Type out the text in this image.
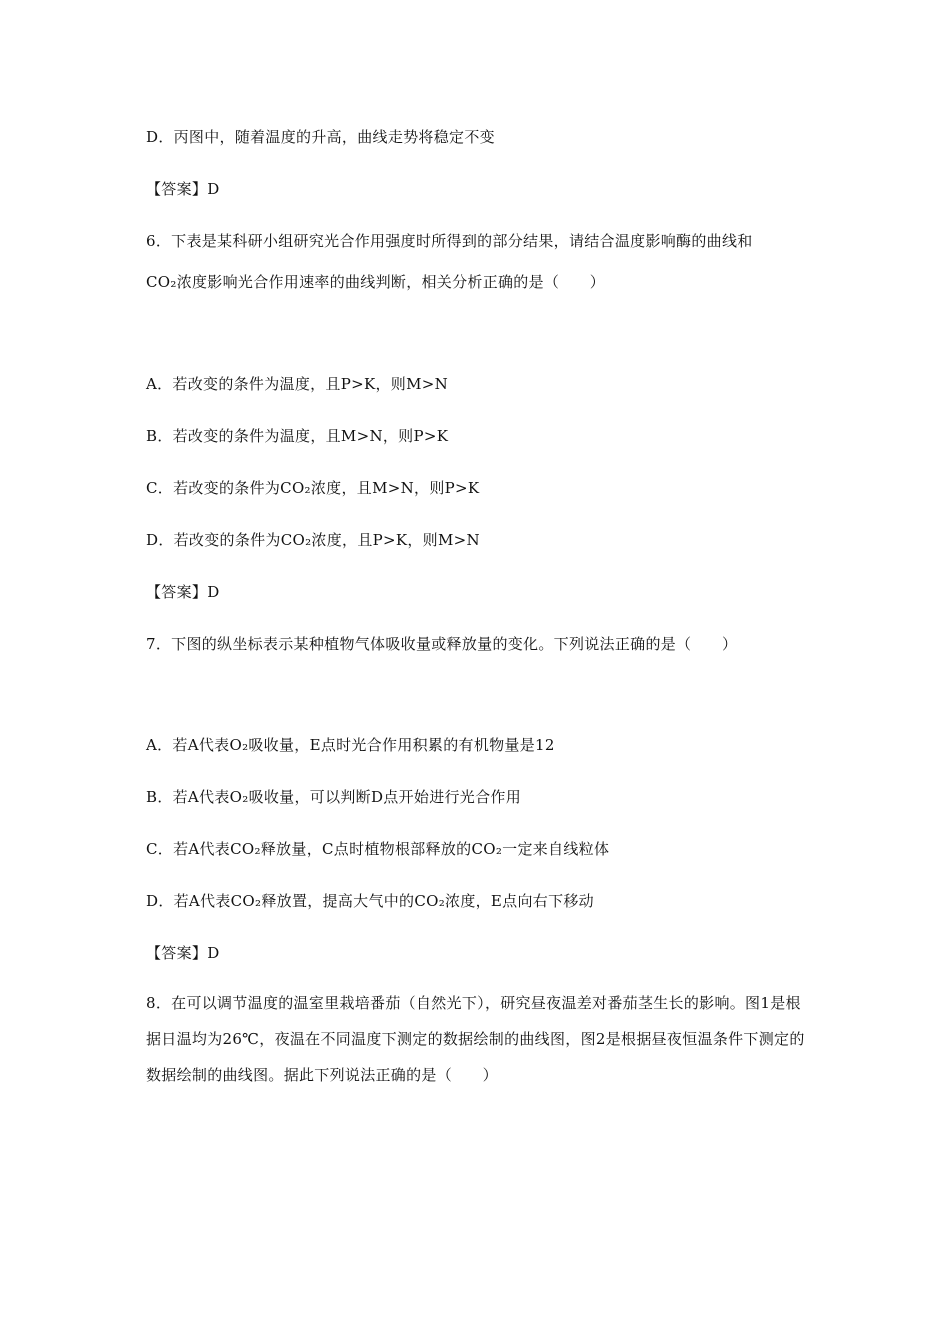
D．丙图中，随着温度的升高，曲线走势将稳定不变
【答案】D
6．下表是某科研小组研究光合作用强度时所得到的部分结果，请结合温度影响酶的曲线和
CO₂浓度影响光合作用速率的曲线判断，相关分析正确的是（　　）
A．若改变的条件为温度，且P>K，则M>N
B．若改变的条件为温度，且M>N，则P>K
C．若改变的条件为CO₂浓度，且M>N，则P>K
D．若改变的条件为CO₂浓度，且P>K，则M>N
【答案】D
7．下图的纵坐标表示某种植物气体吸收量或释放量的变化。下列说法正确的是（　　）
A．若A代表O₂吸收量，E点时光合作用积累的有机物量是12
B．若A代表O₂吸收量，可以判断D点开始进行光合作用
C．若A代表CO₂释放量，C点时植物根部释放的CO₂一定来自线粒体
D．若A代表CO₂释放置，提高大气中的CO₂浓度，E点向右下移动
【答案】D
8．在可以调节温度的温室里栽培番茄（自然光下），研究昼夜温差对番茄茎生长的影响。图1是根据日温均为26℃，夜温在不同温度下测定的数据绘制的曲线图，图2是根据昼夜恒温条件下测定的数据绘制的曲线图。据此下列说法正确的是（　　）
